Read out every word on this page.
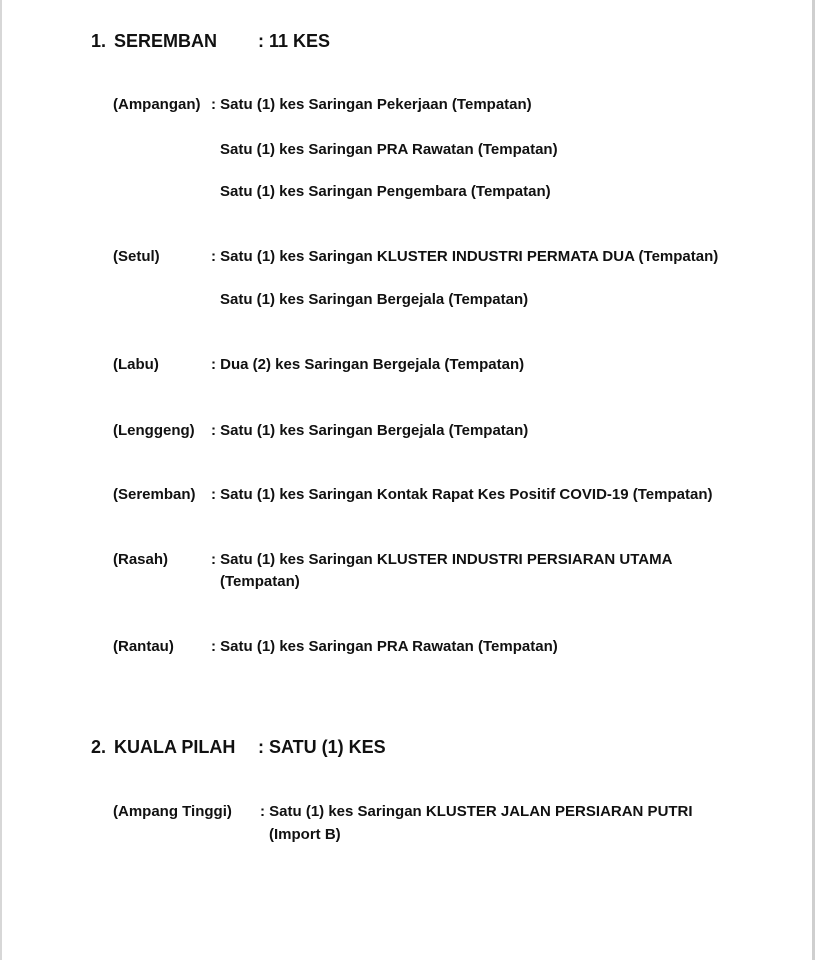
1. SEREMBAN : 11 KES
(Ampangan) : Satu (1) kes Saringan Pekerjaan (Tempatan)
Satu (1) kes Saringan PRA Rawatan (Tempatan)
Satu (1) kes Saringan Pengembara (Tempatan)
(Setul)	: Satu (1) kes Saringan KLUSTER INDUSTRI PERMATA DUA (Tempatan)
Satu (1) kes Saringan Bergejala (Tempatan)
(Labu)	: Dua (2) kes Saringan Bergejala (Tempatan)
(Lenggeng) : Satu (1) kes Saringan Bergejala (Tempatan)
(Seremban) : Satu (1) kes Saringan Kontak Rapat Kes Positif COVID-19 (Tempatan)
(Rasah)	: Satu (1) kes Saringan KLUSTER INDUSTRI PERSIARAN UTAMA
(Tempatan)
(Rantau) : Satu (1) kes Saringan PRA Rawatan (Tempatan)
2. KUALA PILAH : SATU (1) KES
(Ampang Tinggi) : Satu (1) kes Saringan KLUSTER JALAN PERSIARAN PUTRI
(Import B)
